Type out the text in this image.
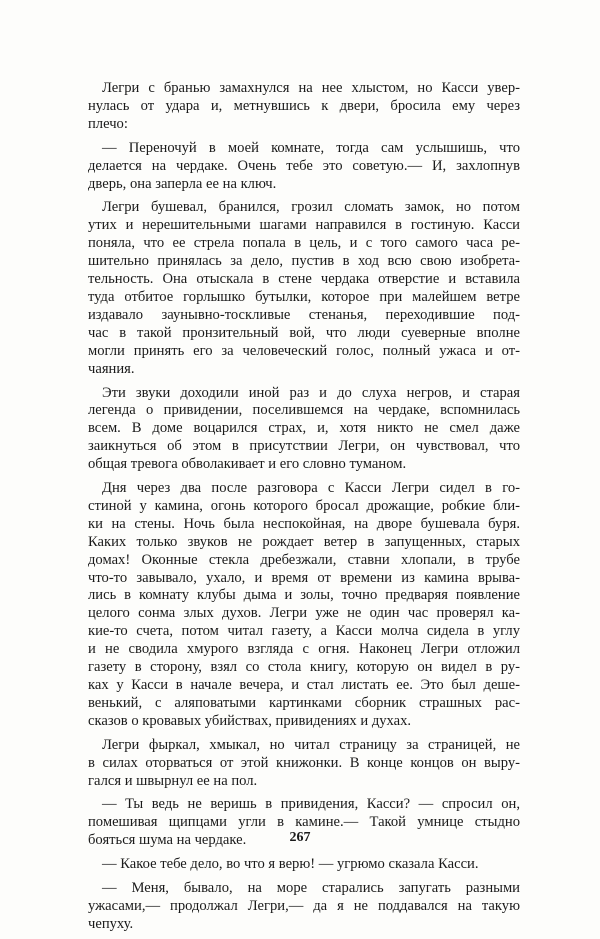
Легри с бранью замахнулся на нее хлыстом, но Касси увер-
нулась от удара и, метнувшись к двери, бросила ему через
плечо:

— Переночуй в моей комнате, тогда сам услышишь, что
делается на чердаке. Очень тебе это советую.— И, захлопнув
дверь, она заперла ее на ключ.

Легри бушевал, бранился, грозил сломать замок, но потом
утих и нерешительными шагами направился в гостиную. Касси
поняла, что ее стрела попала в цель, и с того самого часа ре-
шительно принялась за дело, пустив в ход всю свою изобрета-
тельность. Она отыскала в стене чердака отверстие и вставила
туда отбитое горлышко бутылки, которое при малейшем ветре
издавало заунывно-тоскливые стенанья, переходившие под-
час в такой пронзительный вой, что люди суеверные вполне
могли принять его за человеческий голос, полный ужаса и от-
чаяния.

Эти звуки доходили иной раз и до слуха негров, и старая
легенда о привидении, поселившемся на чердаке, вспомнилась
всем. В доме воцарился страх, и, хотя никто не смел даже
заикнуться об этом в присутствии Легри, он чувствовал, что
общая тревога обволакивает и его словно туманом.

Дня через два после разговора с Касси Легри сидел в го-
стиной у камина, огонь которого бросал дрожащие, робкие бли-
ки на стены. Ночь была неспокойная, на дворе бушевала буря.
Каких только звуков не рождает ветер в запущенных, старых
домах! Оконные стекла дребезжали, ставни хлопали, в трубе
что-то завывало, ухало, и время от времени из камина врыва-
лись в комнату клубы дыма и золы, точно предваряя появление
целого сонма злых духов. Легри уже не один час проверял ка-
кие-то счета, потом читал газету, а Касси молча сидела в углу
и не сводила хмурого взгляда с огня. Наконец Легри отложил
газету в сторону, взял со стола книгу, которую он видел в ру-
ках у Касси в начале вечера, и стал листать ее. Это был деше-
венький, с аляповатыми картинками сборник страшных рас-
сказов о кровавых убийствах, привидениях и духах.

Легри фыркал, хмыкал, но читал страницу за страницей, не
в силах оторваться от этой книжонки. В конце концов он выру-
гался и швырнул ее на пол.

— Ты ведь не веришь в привидения, Касси? — спросил он,
помешивая щипцами угли в камине.— Такой умнице стыдно
бояться шума на чердаке.

— Какое тебе дело, во что я верю! — угрюмо сказала Касси.

— Меня, бывало, на море старались запугать разными
ужасами,— продолжал Легри,— да я не поддавался на такую
чепуху.

267
